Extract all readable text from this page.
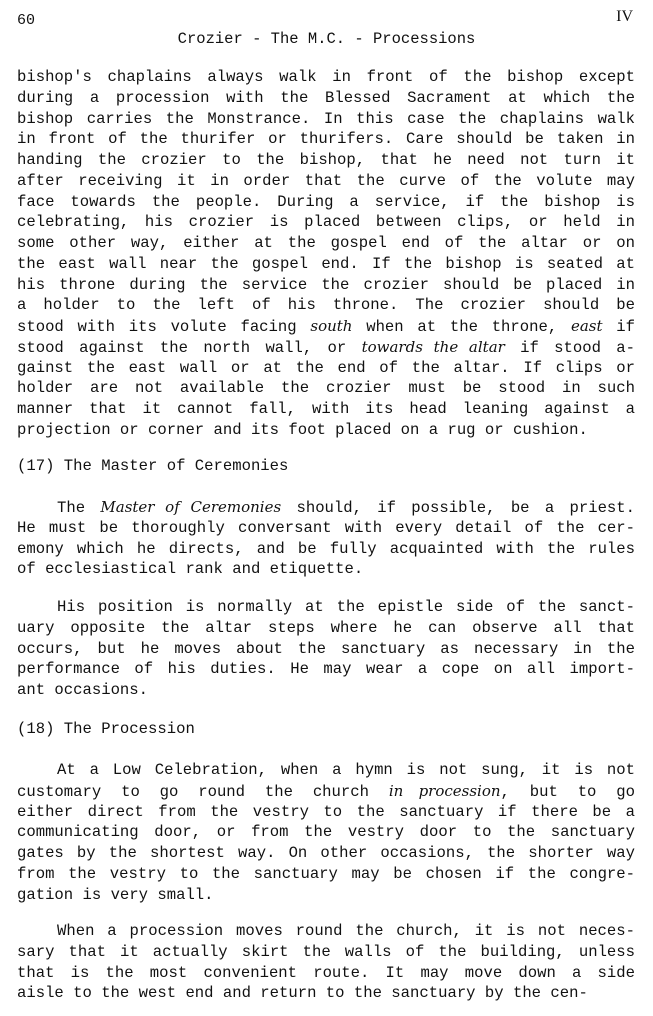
60	IV
Crozier - The M.C. - Processions
bishop's chaplains always walk in front of the bishop except
during a procession with the Blessed Sacrament at which the
bishop carries the Monstrance. In this case the chaplains walk
in front of the thurifer or thurifers. Care should be taken in
handing the crozier to the bishop, that he need not turn it
after receiving it in order that the curve of the volute may
face towards the people. During a service, if the bishop is
celebrating, his crozier is placed between clips, or held in
some other way, either at the gospel end of the altar or on
the east wall near the gospel end. If the bishop is seated at
his throne during the service the crozier should be placed in
a holder to the left of his throne. The crozier should be
stood with its volute facing south when at the throne, east if
stood against the north wall, or towards the altar if stood a-
gainst the east wall or at the end of the altar. If clips or
holder are not available the crozier must be stood in such
manner that it cannot fall, with its head leaning against a
projection or corner and its foot placed on a rug or cushion.
(17) The Master of Ceremonies
The Master of Ceremonies should, if possible, be a priest.
He must be thoroughly conversant with every detail of the cer-
emony which he directs, and be fully acquainted with the rules
of ecclesiastical rank and etiquette.
His position is normally at the epistle side of the sanct-
uary opposite the altar steps where he can observe all that
occurs, but he moves about the sanctuary as necessary in the
performance of his duties. He may wear a cope on all import-
ant occasions.
(18) The Procession
At a Low Celebration, when a hymn is not sung, it is not
customary to go round the church in procession, but to go
either direct from the vestry to the sanctuary if there be a
communicating door, or from the vestry door to the sanctuary
gates by the shortest way. On other occasions, the shorter way
from the vestry to the sanctuary may be chosen if the congre-
gation is very small.
When a procession moves round the church, it is not neces-
sary that it actually skirt the walls of the building, unless
that is the most convenient route. It may move down a side
aisle to the west end and return to the sanctuary by the cen-
